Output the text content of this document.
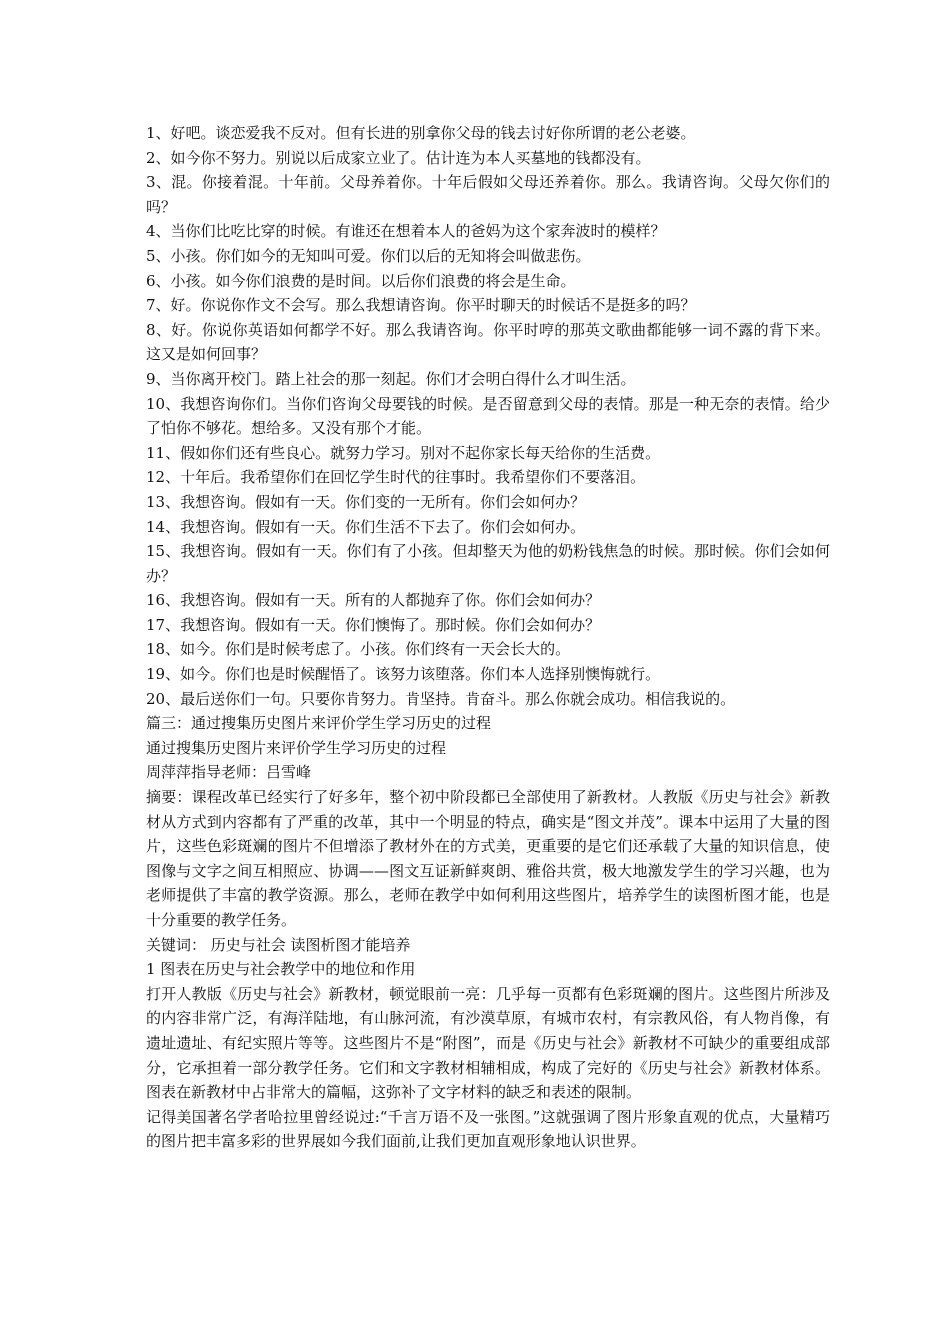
1、好吧。谈恋爱我不反对。但有长进的别拿你父母的钱去讨好你所谓的老公老婆。

2、如今你不努力。别说以后成家立业了。估计连为本人买墓地的钱都没有。

3、混。你接着混。十年前。父母养着你。十年后假如父母还养着你。那么。我请咨询。父母欠你们的吗？

4、当你们比吃比穿的时候。有谁还在想着本人的爸妈为这个家奔波时的模样？

5、小孩。你们如今的无知叫可爱。你们以后的无知将会叫做悲伤。

6、小孩。如今你们浪费的是时间。以后你们浪费的将会是生命。

7、好。你说你作文不会写。那么我想请咨询。你平时聊天的时候话不是挺多的吗？

8、好。你说你英语如何都学不好。那么我请咨询。你平时哼的那英文歌曲都能够一词不露的背下来。这又是如何回事？

9、当你离开校门。踏上社会的那一刻起。你们才会明白得什么才叫生活。

10、我想咨询你们。当你们咨询父母要钱的时候。是否留意到父母的表情。那是一种无奈的表情。给少了怕你不够花。想给多。又没有那个才能。

11、假如你们还有些良心。就努力学习。别对不起你家长每天给你的生活费。

12、十年后。我希望你们在回忆学生时代的往事时。我希望你们不要落泪。

13、我想咨询。假如有一天。你们变的一无所有。你们会如何办？

14、我想咨询。假如有一天。你们生活不下去了。你们会如何办。

15、我想咨询。假如有一天。你们有了小孩。但却整天为他的奶粉钱焦急的时候。那时候。你们会如何办？

16、我想咨询。假如有一天。所有的人都抛弃了你。你们会如何办？

17、我想咨询。假如有一天。你们懊悔了。那时候。你们会如何办？

18、如今。你们是时候考虑了。小孩。你们终有一天会长大的。

19、如今。你们也是时候醒悟了。该努力该堕落。你们本人选择别懊悔就行。

20、最后送你们一句。只要你肯努力。肯坚持。肯奋斗。那么你就会成功。相信我说的。

篇三：通过搜集历史图片来评价学生学习历史的过程

通过搜集历史图片来评价学生学习历史的过程

周萍萍指导老师：吕雪峰

摘要：课程改革已经实行了好多年，整个初中阶段都已全部使用了新教材。人教版《历史与社会》新教材从方式到内容都有了严重的改革，其中一个明显的特点，确实是“图文并茂”。课本中运用了大量的图片，这些色彩斑斓的图片不但增添了教材外在的方式美，更重要的是它们还承载了大量的知识信息，使图像与文字之间互相照应、协调——图文互证新鲜爽朗、雅俗共赏，极大地激发学生的学习兴趣，也为老师提供了丰富的教学资源。那么，老师在教学中如何利用这些图片，培养学生的读图析图才能，也是十分重要的教学任务。

关键词： 历史与社会 读图析图才能培养

1 图表在历史与社会教学中的地位和作用

打开人教版《历史与社会》新教材，顿觉眼前一亮：几乎每一页都有色彩斑斓的图片。这些图片所涉及的内容非常广泛，有海洋陆地，有山脉河流，有沙漠草原，有城市农村，有宗教风俗，有人物肖像，有遗址遗址、有纪实照片等等。这些图片不是“附图”，而是《历史与社会》新教材不可缺少的重要组成部分，它承担着一部分教学任务。它们和文字教材相辅相成，构成了完好的《历史与社会》新教材体系。图表在新教材中占非常大的篇幅，这弥补了文字材料的缺乏和表述的限制。

记得美国著名学者哈拉里曾经说过:“千言万语不及一张图。”这就强调了图片形象直观的优点，大量精巧的图片把丰富多彩的世界展如今我们面前,让我们更加直观形象地认识世界。
